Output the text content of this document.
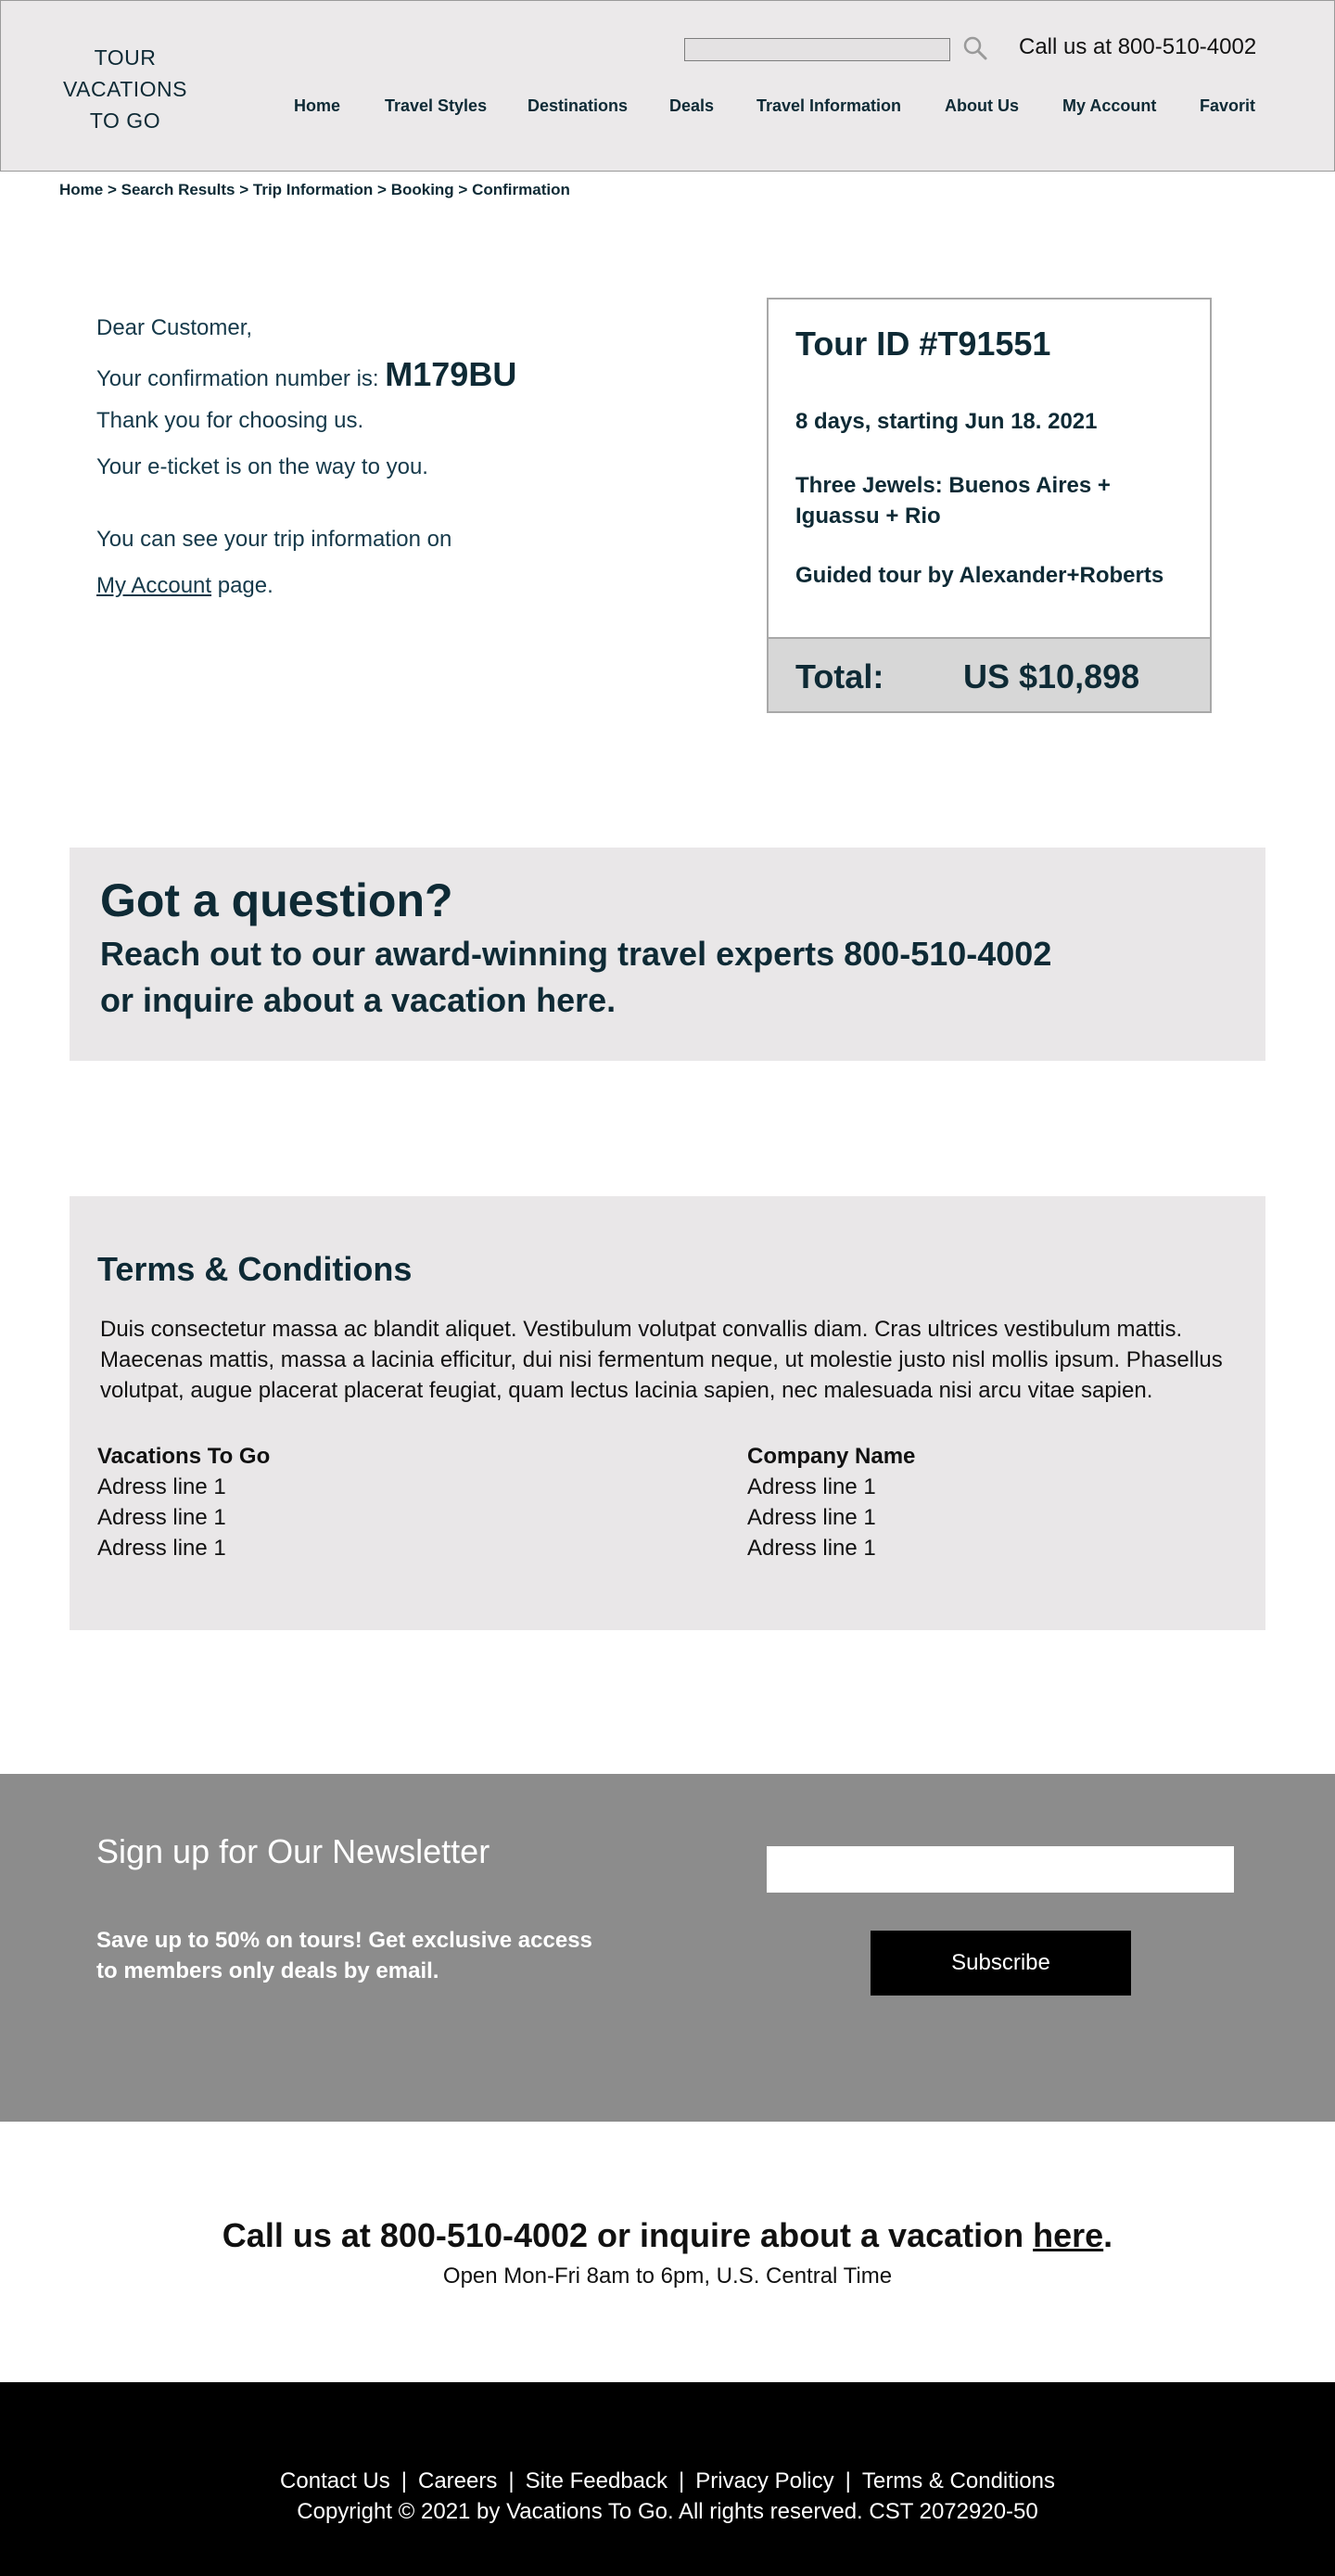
TOUR
VACATIONS
TO GO
Call us at 800-510-4002
Home	Travel Styles Destinations Deals	Travel Information	About Us	My Account	Favorit
Home > Search Results > Trip Information > Booking > Confirmation
Dear Customer,
Your confirmation number is: M179BU
Thank you for choosing us.
Your e-ticket is on the way to you.
You can see your trip information on
My Account page.
Tour ID #T91551
8 days, starting Jun 18. 2021
Three Jewels: Buenos Aires + Iguassu + Rio
Guided tour by Alexander+Roberts
Total: US $10,898
Got a question?
Reach out to our award-winning travel experts 800-510-4002
or inquire about a vacation here.
Terms & Conditions
Duis consectetur massa ac blandit aliquet. Vestibulum volutpat convallis diam. Cras ultrices vestibulum mattis. Maecenas mattis, massa a lacinia efficitur, dui nisi fermentum neque, ut molestie justo nisl mollis ipsum. Phasellus volutpat, augue placerat placerat feugiat, quam lectus lacinia sapien, nec malesuada nisi arcu vitae sapien.
Vacations To Go
Adress line 1
Adress line 1
Adress line 1
Company Name
Adress line 1
Adress line 1
Adress line 1
Sign up for Our Newsletter
Save up to 50% on tours! Get exclusive access to members only deals by email.	Subscribe
Call us at 800-510-4002 or inquire about a vacation here.
Open Mon-Fri 8am to 6pm, U.S. Central Time
Contact Us | Careers | Site Feedback | Privacy Policy | Terms & Conditions
Copyright © 2021 by Vacations To Go. All rights reserved. CST 2072920-50
